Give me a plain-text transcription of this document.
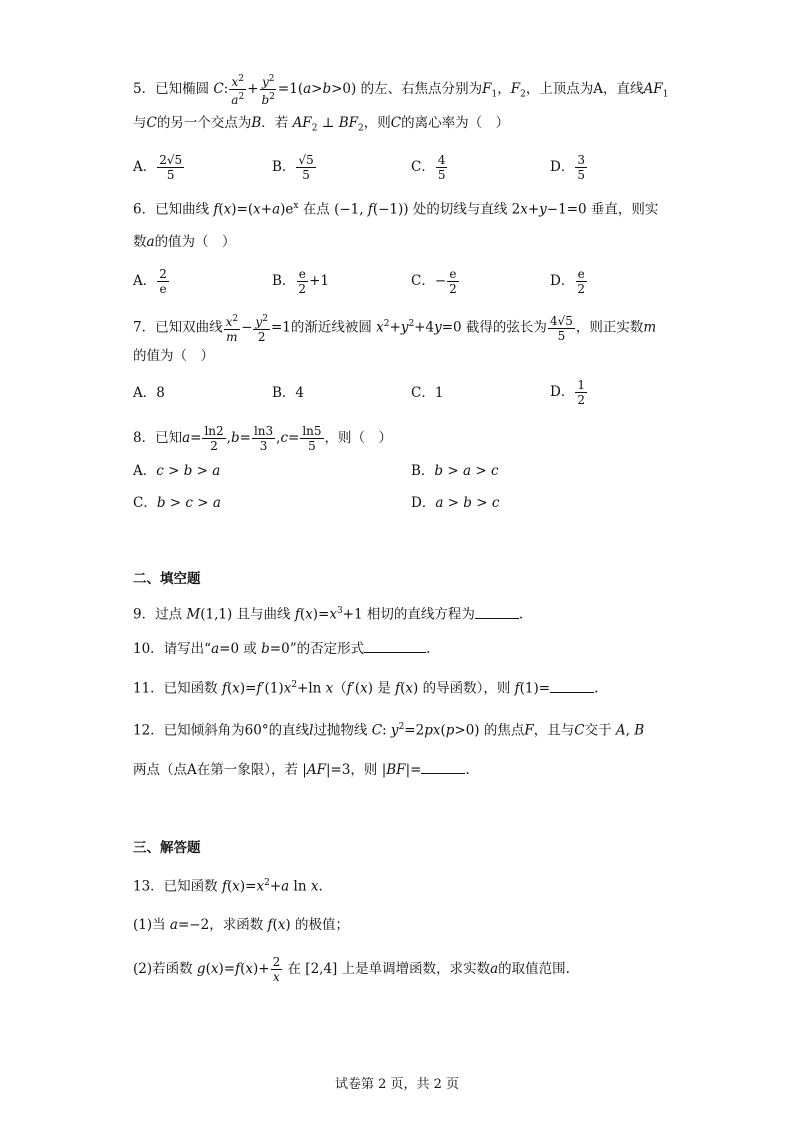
5．已知椭圆 C: $\frac{x^2}{a^2} + \frac{y^2}{b^2} =1(a>b>0)$ 的左、右焦点分别为$F_1$，$F_2$，上顶点为A，直线$AF_1$
与C的另一个交点为B．若 $AF_2$ ⊥ $BF_2$，则C的离心率为（　）
A． $\frac{2√5}{5}$	B． $\frac{√5}{5}$	C． $\frac{4}{5}$	D． $\frac{3}{5}$
6．已知曲线 $f(x)=(x+a)e^x$ 在点 (−1, f(−1)) 处的切线与直线 2x+y−1=0 垂直，则实
数a的值为（　）
A． $\frac{2}{e}$	B． $\frac{e}{2} +1$	C．− $\frac{e}{2}$	D． $\frac{e}{2}$
7．已知双曲线 $\frac{x^2}{m} - \frac{y^2}{2} =1$的渐近线被圆 $x^2+y^2+4y=0$ 截得的弦长为 $\frac{4√5}{5}$ ，则正实数m
的值为（　）
A．8	B．4	C．1	D． $\frac{1}{2}$
8．已知$a= \frac{\ln 2}{2} ,b= \frac{\ln 3}{3} ,c= \frac{\ln 5}{5}$ ，则（　）
A．c > b > a	B．b > a > c
C．b > c > a	D．a > b > c
二、填空题
9．过点 M(1,1) 且与曲线 $f(x)=x^3+1$ 相切的直线方程为	.
10．请写出“a=0 或 b=0”的否定形式	.
11．已知函数 $f(x)=f'(1)x^2+\ln$ x（f′(x) 是 f(x) 的导函数），则 f(1)=	.
12．已知倾斜角为60°的直线l过抛物线 C: $y^2=2px(p>0)$ 的焦点F，且与C交于 A, B
两点（点A在第一象限），若 |AF|=3，则 |BF|=	.
三、解答题
13．已知函数 $f(x)=x^2+a$ ln x.
(1)当 a=−2，求函数 f(x) 的极值；
(2)若函数 $g(x)=f(x)+ \frac{2}{x}$ 在 [2,4] 上是单调增函数，求实数a的取值范围.
试卷第 2 页，共 2 页
